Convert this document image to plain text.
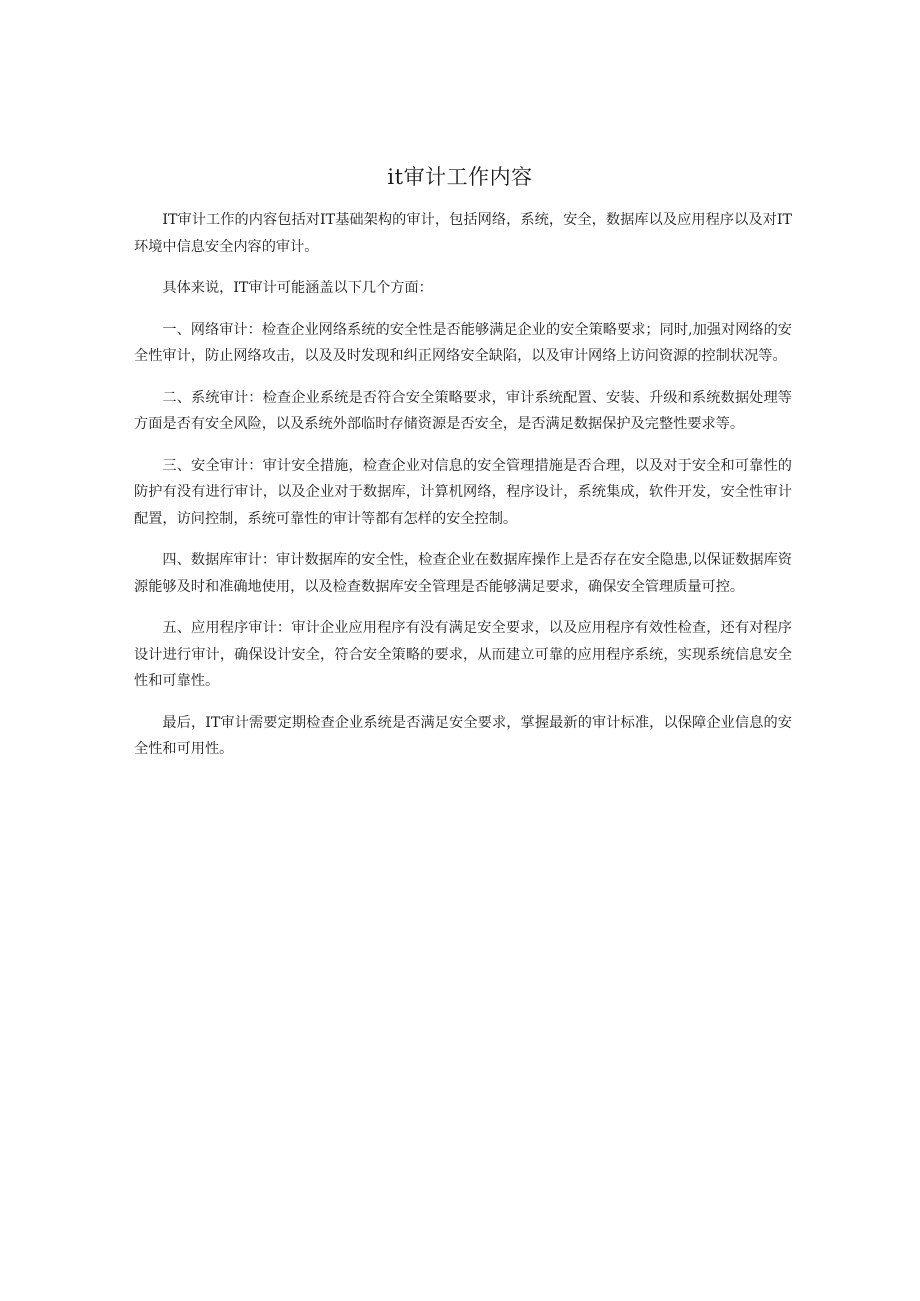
it审计工作内容

IT审计工作的内容包括对IT基础架构的审计，包括网络，系统，安全，数据库以及应用程序以及对IT环境中信息安全内容的审计。

具体来说，IT审计可能涵盖以下几个方面：

一、网络审计：检查企业网络系统的安全性是否能够满足企业的安全策略要求；同时,加强对网络的安全性审计，防止网络攻击，以及及时发现和纠正网络安全缺陷，以及审计网络上访问资源的控制状况等。

二、系统审计：检查企业系统是否符合安全策略要求，审计系统配置、安装、升级和系统数据处理等方面是否有安全风险，以及系统外部临时存储资源是否安全，是否满足数据保护及完整性要求等。

三、安全审计：审计安全措施，检查企业对信息的安全管理措施是否合理，以及对于安全和可靠性的防护有没有进行审计，以及企业对于数据库，计算机网络，程序设计，系统集成，软件开发，安全性审计配置，访问控制，系统可靠性的审计等都有怎样的安全控制。

四、数据库审计：审计数据库的安全性，检查企业在数据库操作上是否存在安全隐患,以保证数据库资源能够及时和准确地使用，以及检查数据库安全管理是否能够满足要求，确保安全管理质量可控。

五、应用程序审计：审计企业应用程序有没有满足安全要求，以及应用程序有效性检查，还有对程序设计进行审计，确保设计安全，符合安全策略的要求，从而建立可靠的应用程序系统，实现系统信息安全性和可靠性。

最后，IT审计需要定期检查企业系统是否满足安全要求，掌握最新的审计标准，以保障企业信息的安全性和可用性。
